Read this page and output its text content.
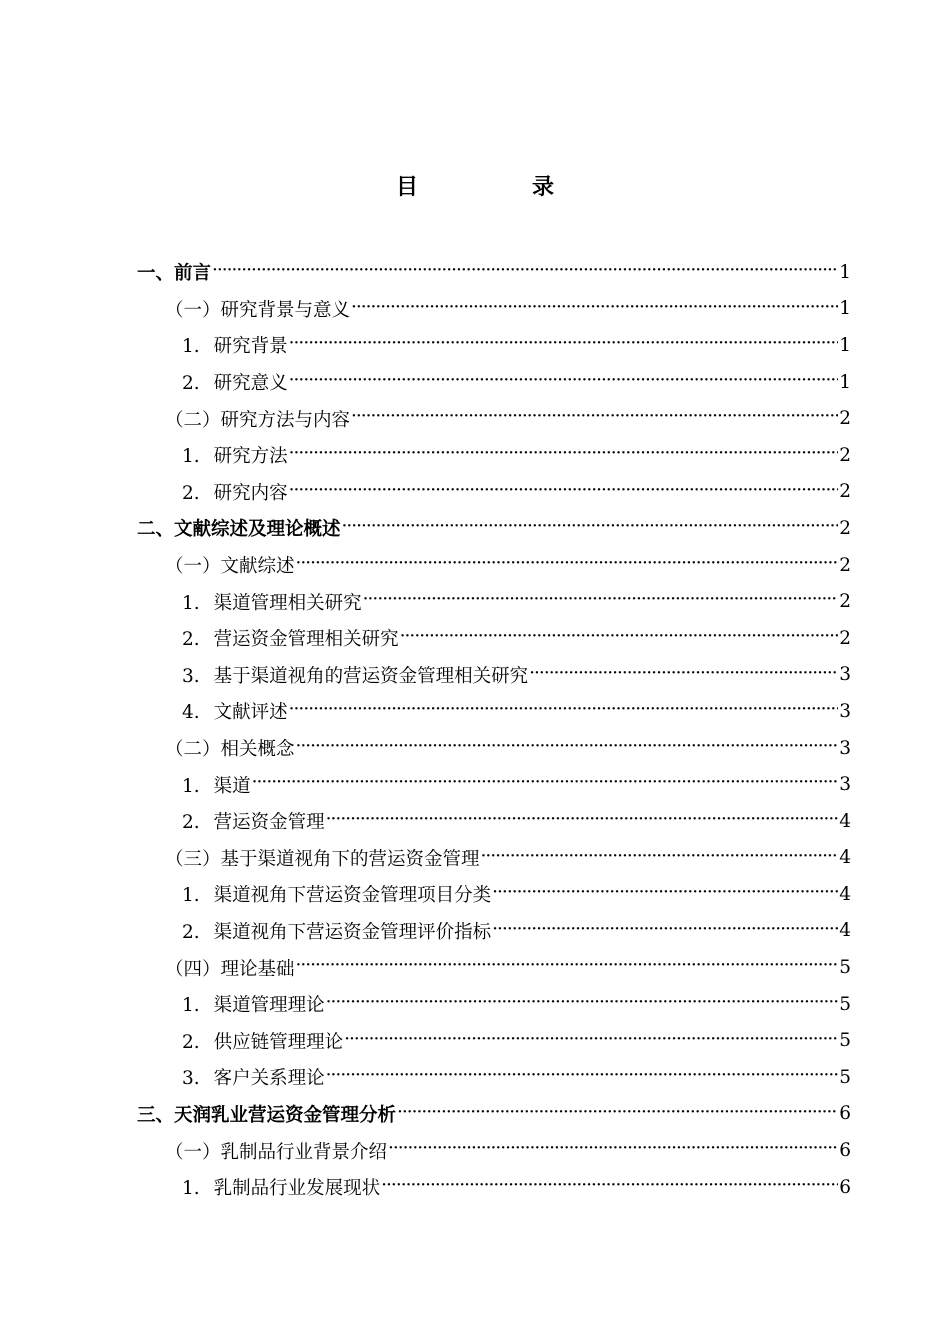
目　录
一、前言 ·····	1
（一）研究背景与意义 ·····	1
1. 研究背景 ·····	1
2. 研究意义 ·····	1
（二）研究方法与内容 ·····	2
1. 研究方法 ·····	2
2. 研究内容 ·····	2
二、文献综述及理论概述 ·····	2
（一）文献综述 ·····	2
1. 渠道管理相关研究 ·····	2
2. 营运资金管理相关研究 ·····	2
3. 基于渠道视角的营运资金管理相关研究 ·····	3
4. 文献评述 ·····	3
（二）相关概念 ·····	3
1. 渠道 ·····	3
2. 营运资金管理 ·····	4
（三）基于渠道视角下的营运资金管理 ·····	4
1. 渠道视角下营运资金管理项目分类 ·····	4
2. 渠道视角下营运资金管理评价指标 ·····	4
（四）理论基础 ·····	5
1. 渠道管理理论 ·····	5
2. 供应链管理理论 ·····	5
3. 客户关系理论 ·····	5
三、天润乳业营运资金管理分析 ·····	6
（一）乳制品行业背景介绍 ·····	6
1. 乳制品行业发展现状 ·····	6
